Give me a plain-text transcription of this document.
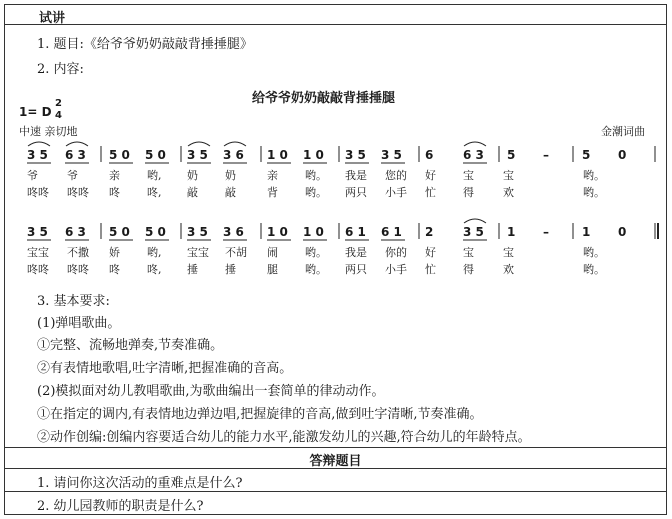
试讲
1. 题目:《给爷爷奶奶敲敲背捶捶腿》
2. 内容:
给爷爷奶奶敲敲背捶捶腿
1= D
2
4
中速 亲切地	金潮词曲
3 5 6 3 5 0 5 0 3 5 3 6 1 0 1 0 3 5 3 5 6 6 3 5 –	5 0
爷	爷	亲 哟, 奶 奶	亲 哟。 我是 您的 好 宝	宝	哟。
咚咚 咚咚 咚 咚, 敲 敲	背 哟。 两只 小手 忙 得	欢	哟。
3 5 6 3 5 0 5 0 3 5 3 6 1 0 1 0 6 1 6 1 2 3 5 1 –	1 0
宝宝 不撒 娇 哟, 宝宝 不胡 闹 哟。 我是 你的 好 宝	宝	哟。
咚咚 咚咚 咚 咚, 捶 捶	腿 哟。 两只 小手 忙 得	欢	哟。
3. 基本要求:
(1)弹唱歌曲。
①完整、流畅地弹奏,节奏准确。
②有表情地歌唱,吐字清晰,把握准确的音高。
(2)模拟面对幼儿教唱歌曲,为歌曲编出一套简单的律动动作。
①在指定的调内,有表情地边弹边唱,把握旋律的音高,做到吐字清晰,节奏准确。
②动作创编:创编内容要适合幼儿的能力水平,能激发幼儿的兴趣,符合幼儿的年龄特点。
答辩题目
1. 请问你这次活动的重难点是什么?
2. 幼儿园教师的职责是什么?
